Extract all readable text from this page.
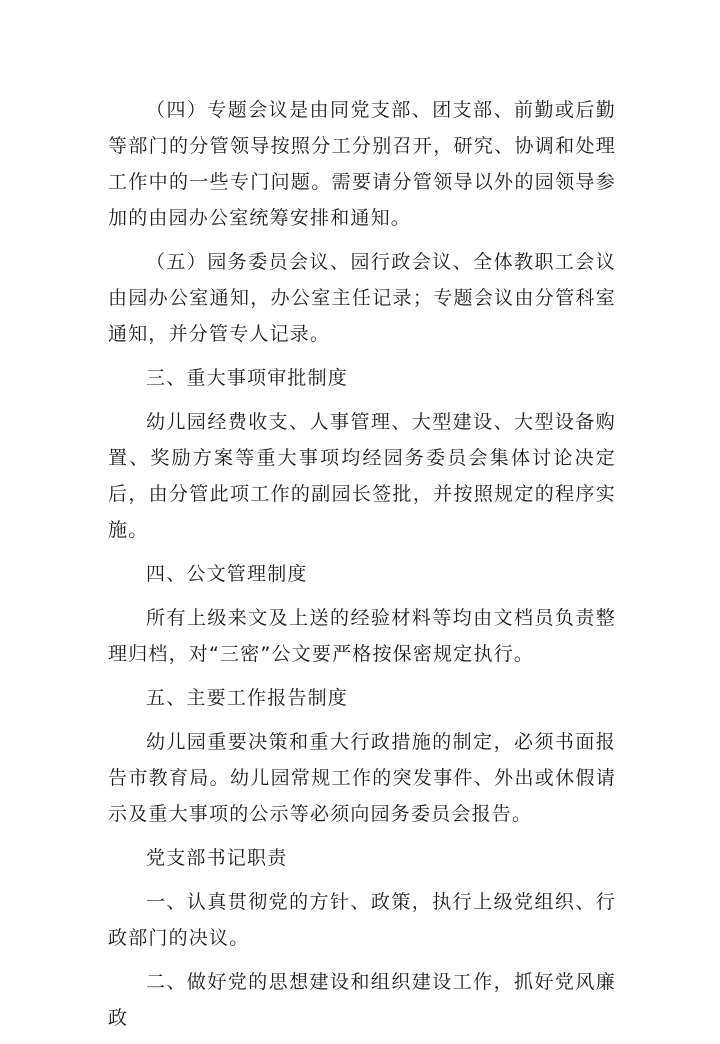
（四）专题会议是由同党支部、团支部、前勤或后勤等部门的分管领导按照分工分别召开，研究、协调和处理工作中的一些专门问题。需要请分管领导以外的园领导参加的由园办公室统筹安排和通知。

（五）园务委员会议、园行政会议、全体教职工会议由园办公室通知，办公室主任记录；专题会议由分管科室通知，并分管专人记录。

三、重大事项审批制度

幼儿园经费收支、人事管理、大型建设、大型设备购置、奖励方案等重大事项均经园务委员会集体讨论决定后，由分管此项工作的副园长签批，并按照规定的程序实施。

四、公文管理制度

所有上级来文及上送的经验材料等均由文档员负责整理归档，对“三密”公文要严格按保密规定执行。

五、主要工作报告制度

幼儿园重要决策和重大行政措施的制定，必须书面报告市教育局。幼儿园常规工作的突发事件、外出或休假请示及重大事项的公示等必须向园务委员会报告。

党支部书记职责

一、认真贯彻党的方针、政策，执行上级党组织、行政部门的决议。

二、做好党的思想建设和组织建设工作，抓好党风廉政
